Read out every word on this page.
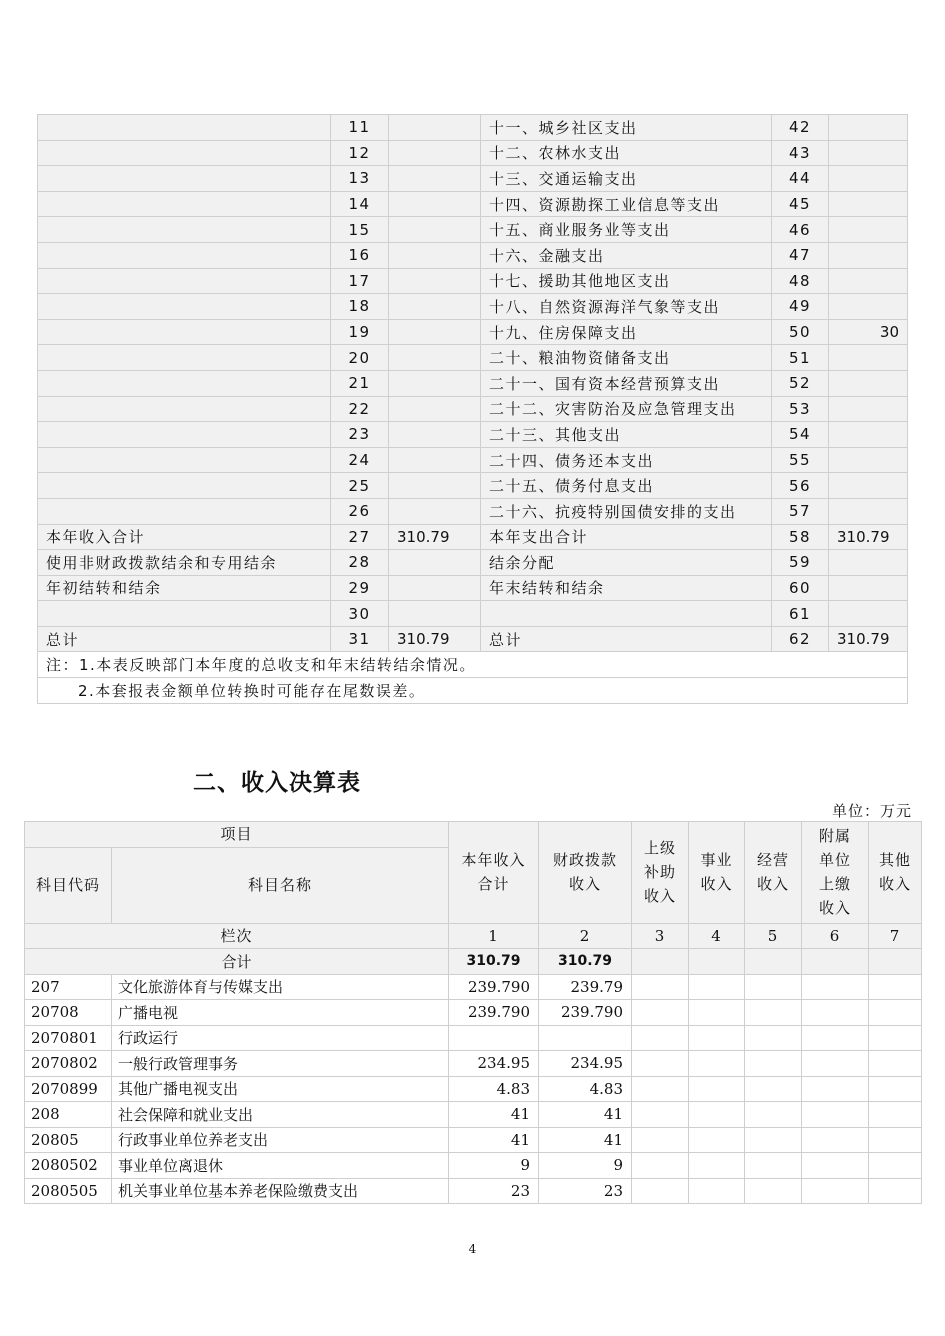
	11		十一、城乡社区支出	42	
	12		十二、农林水支出	43	
	13		十三、交通运输支出	44	
	14		十四、资源勘探工业信息等支出	45	
	15		十五、商业服务业等支出	46	
	16		十六、金融支出	47	
	17		十七、援助其他地区支出	48	
	18		十八、自然资源海洋气象等支出	49	
	19		十九、住房保障支出	50	30
	20		二十、粮油物资储备支出	51	
	21		二十一、国有资本经营预算支出	52	
	22		二十二、灾害防治及应急管理支出	53	
	23		二十三、其他支出	54	
	24		二十四、债务还本支出	55	
	25		二十五、债务付息支出	56	
	26		二十六、抗疫特别国债安排的支出	57	
本年收入合计	27	310.79	本年支出合计	58	310.79
使用非财政拨款结余和专用结余	28		结余分配	59	
年初结转和结余	29		年末结转和结余	60	
	30			61	
总计	31	310.79	总计	62	310.79
注：1.本表反映部门本年度的总收支和年末结转结余情况。					
2.本套报表金额单位转换时可能存在尾数误差。					
二、收入决算表
单位：万元
项目		本年收入合计	财政拨款收入	上级补助收入	事业收入	经营收入	附属单位上缴收入	其他收入
科目代码	科目名称							
栏次		1	2	3	4	5	6	7
合计		310.79	310.79					
207	文化旅游体育与传媒支出	239.790	239.79					
20708	广播电视	239.790	239.790					
2070801	行政运行							
2070802	一般行政管理事务	234.95	234.95					
2070899	其他广播电视支出	4.83	4.83					
208	社会保障和就业支出	41	41					
20805	行政事业单位养老支出	41	41					
2080502	事业单位离退休	9	9					
2080505	机关事业单位基本养老保险缴费支出	23	23					
4
